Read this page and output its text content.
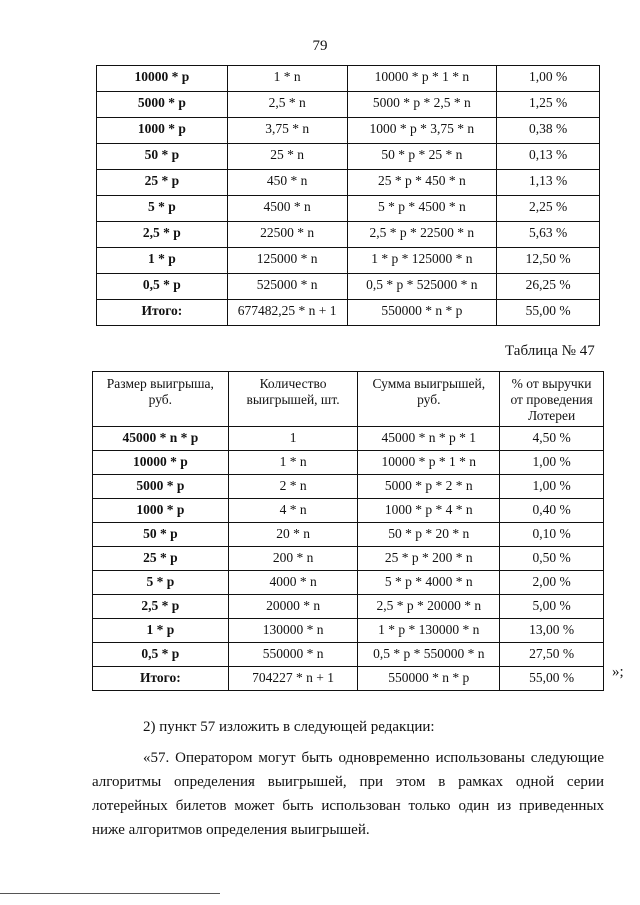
79
10000 * p	1 * n	10000 * p * 1 * n	1,00 %
5000 * p	2,5 * n	5000 * p * 2,5 * n	1,25 %
1000 * p	3,75 * n	1000 * p * 3,75 * n	0,38 %
50 * p	25 * n	50 * p * 25 * n	0,13 %
25 * p	450 * n	25 * p * 450 * n	1,13 %
5 * p	4500 * n	5 * p * 4500 * n	2,25 %
2,5 * p	22500 * n	2,5 * p * 22500 * n	5,63 %
1 * p	125000 * n	1 * p * 125000 * n	12,50 %
0,5 * p	525000 * n	0,5 * p * 525000 * n	26,25 %
Итого:	677482,25 * n + 1	550000 * n * p	55,00 %
Таблица № 47
Размер выигрыша, руб.	Количество выигрышей, шт.	Сумма выигрышей, руб.	% от выручки от проведения Лотереи
45000 * n * p	1	45000 * n * p * 1	4,50 %
10000 * p	1 * n	10000 * p * 1 * n	1,00 %
5000 * p	2 * n	5000 * p * 2 * n	1,00 %
1000 * p	4 * n	1000 * p * 4 * n	0,40 %
50 * p	20 * n	50 * p * 20 * n	0,10 %
25 * p	200 * n	25 * p * 200 * n	0,50 %
5 * p	4000 * n	5 * p * 4000 * n	2,00 %
2,5 * p	20000 * n	2,5 * p * 20000 * n	5,00 %
1 * p	130000 * n	1 * p * 130000 * n	13,00 %
0,5 * p	550000 * n	0,5 * p * 550000 * n	27,50 %
Итого:	704227 * n + 1	550000 * n * p	55,00 %	»;
2) пункт 57 изложить в следующей редакции:
«57. Оператором могут быть одновременно использованы следующие алгоритмы определения выигрышей, при этом в рамках одной серии лотерейных билетов может быть использован только один из приведенных ниже алгоритмов определения выигрышей.
